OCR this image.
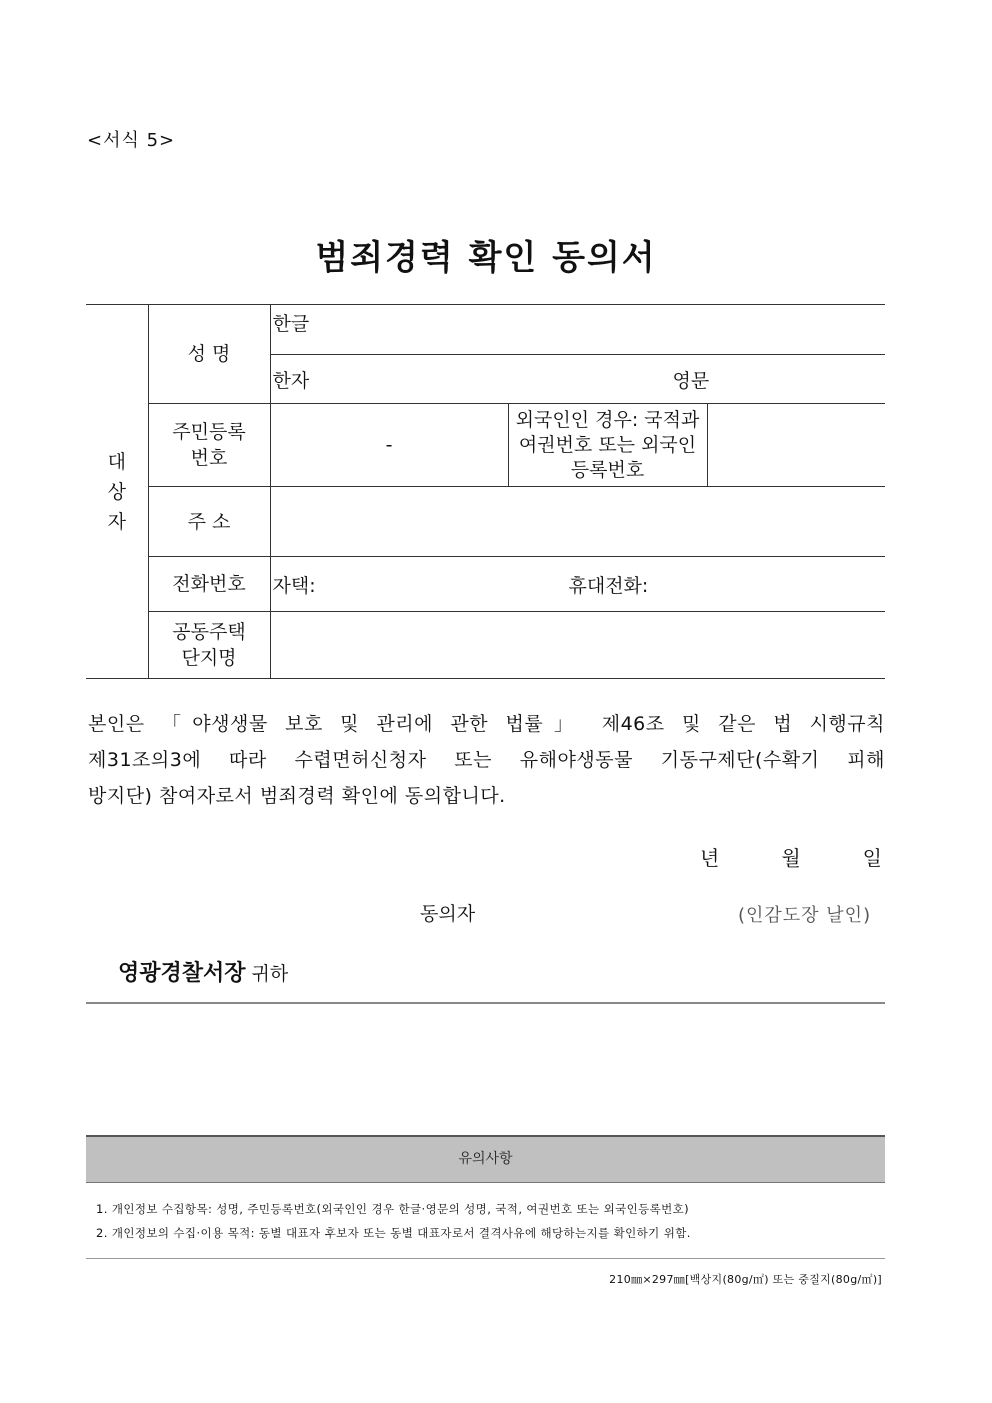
<서식 5>
범죄경력 확인 동의서
대
상
자	성 명	한글		

		한자 영문		

	주민등록
번호	-	외국인인 경우: 국적과
여권번호 또는 외국인
등록번호	
	주 소			
	전화번호	자택: 휴대전화:		

	공동주택
단지명			
본인은 「야생생물 보호 및 관리에 관한 법률」 제46조 및 같은 법 시행규칙
제31조의3에 따라 수렵면허신청자 또는 유해야생동물 기동구제단(수확기 피해
방지단) 참여자로서 범죄경력 확인에 동의합니다.
년	월	일
동의자	(인감도장 날인)
영광경찰서장 귀하
유의사항
1. 개인정보 수집항목: 성명, 주민등록번호(외국인인 경우 한글·영문의 성명, 국적, 여권번호 또는 외국인등록번호)
2. 개인정보의 수집·이용 목적: 동별 대표자 후보자 또는 동별 대표자로서 결격사유에 해당하는지를 확인하기 위함.
210㎜×297㎜[백상지(80g/㎡) 또는 중질지(80g/㎡)]
